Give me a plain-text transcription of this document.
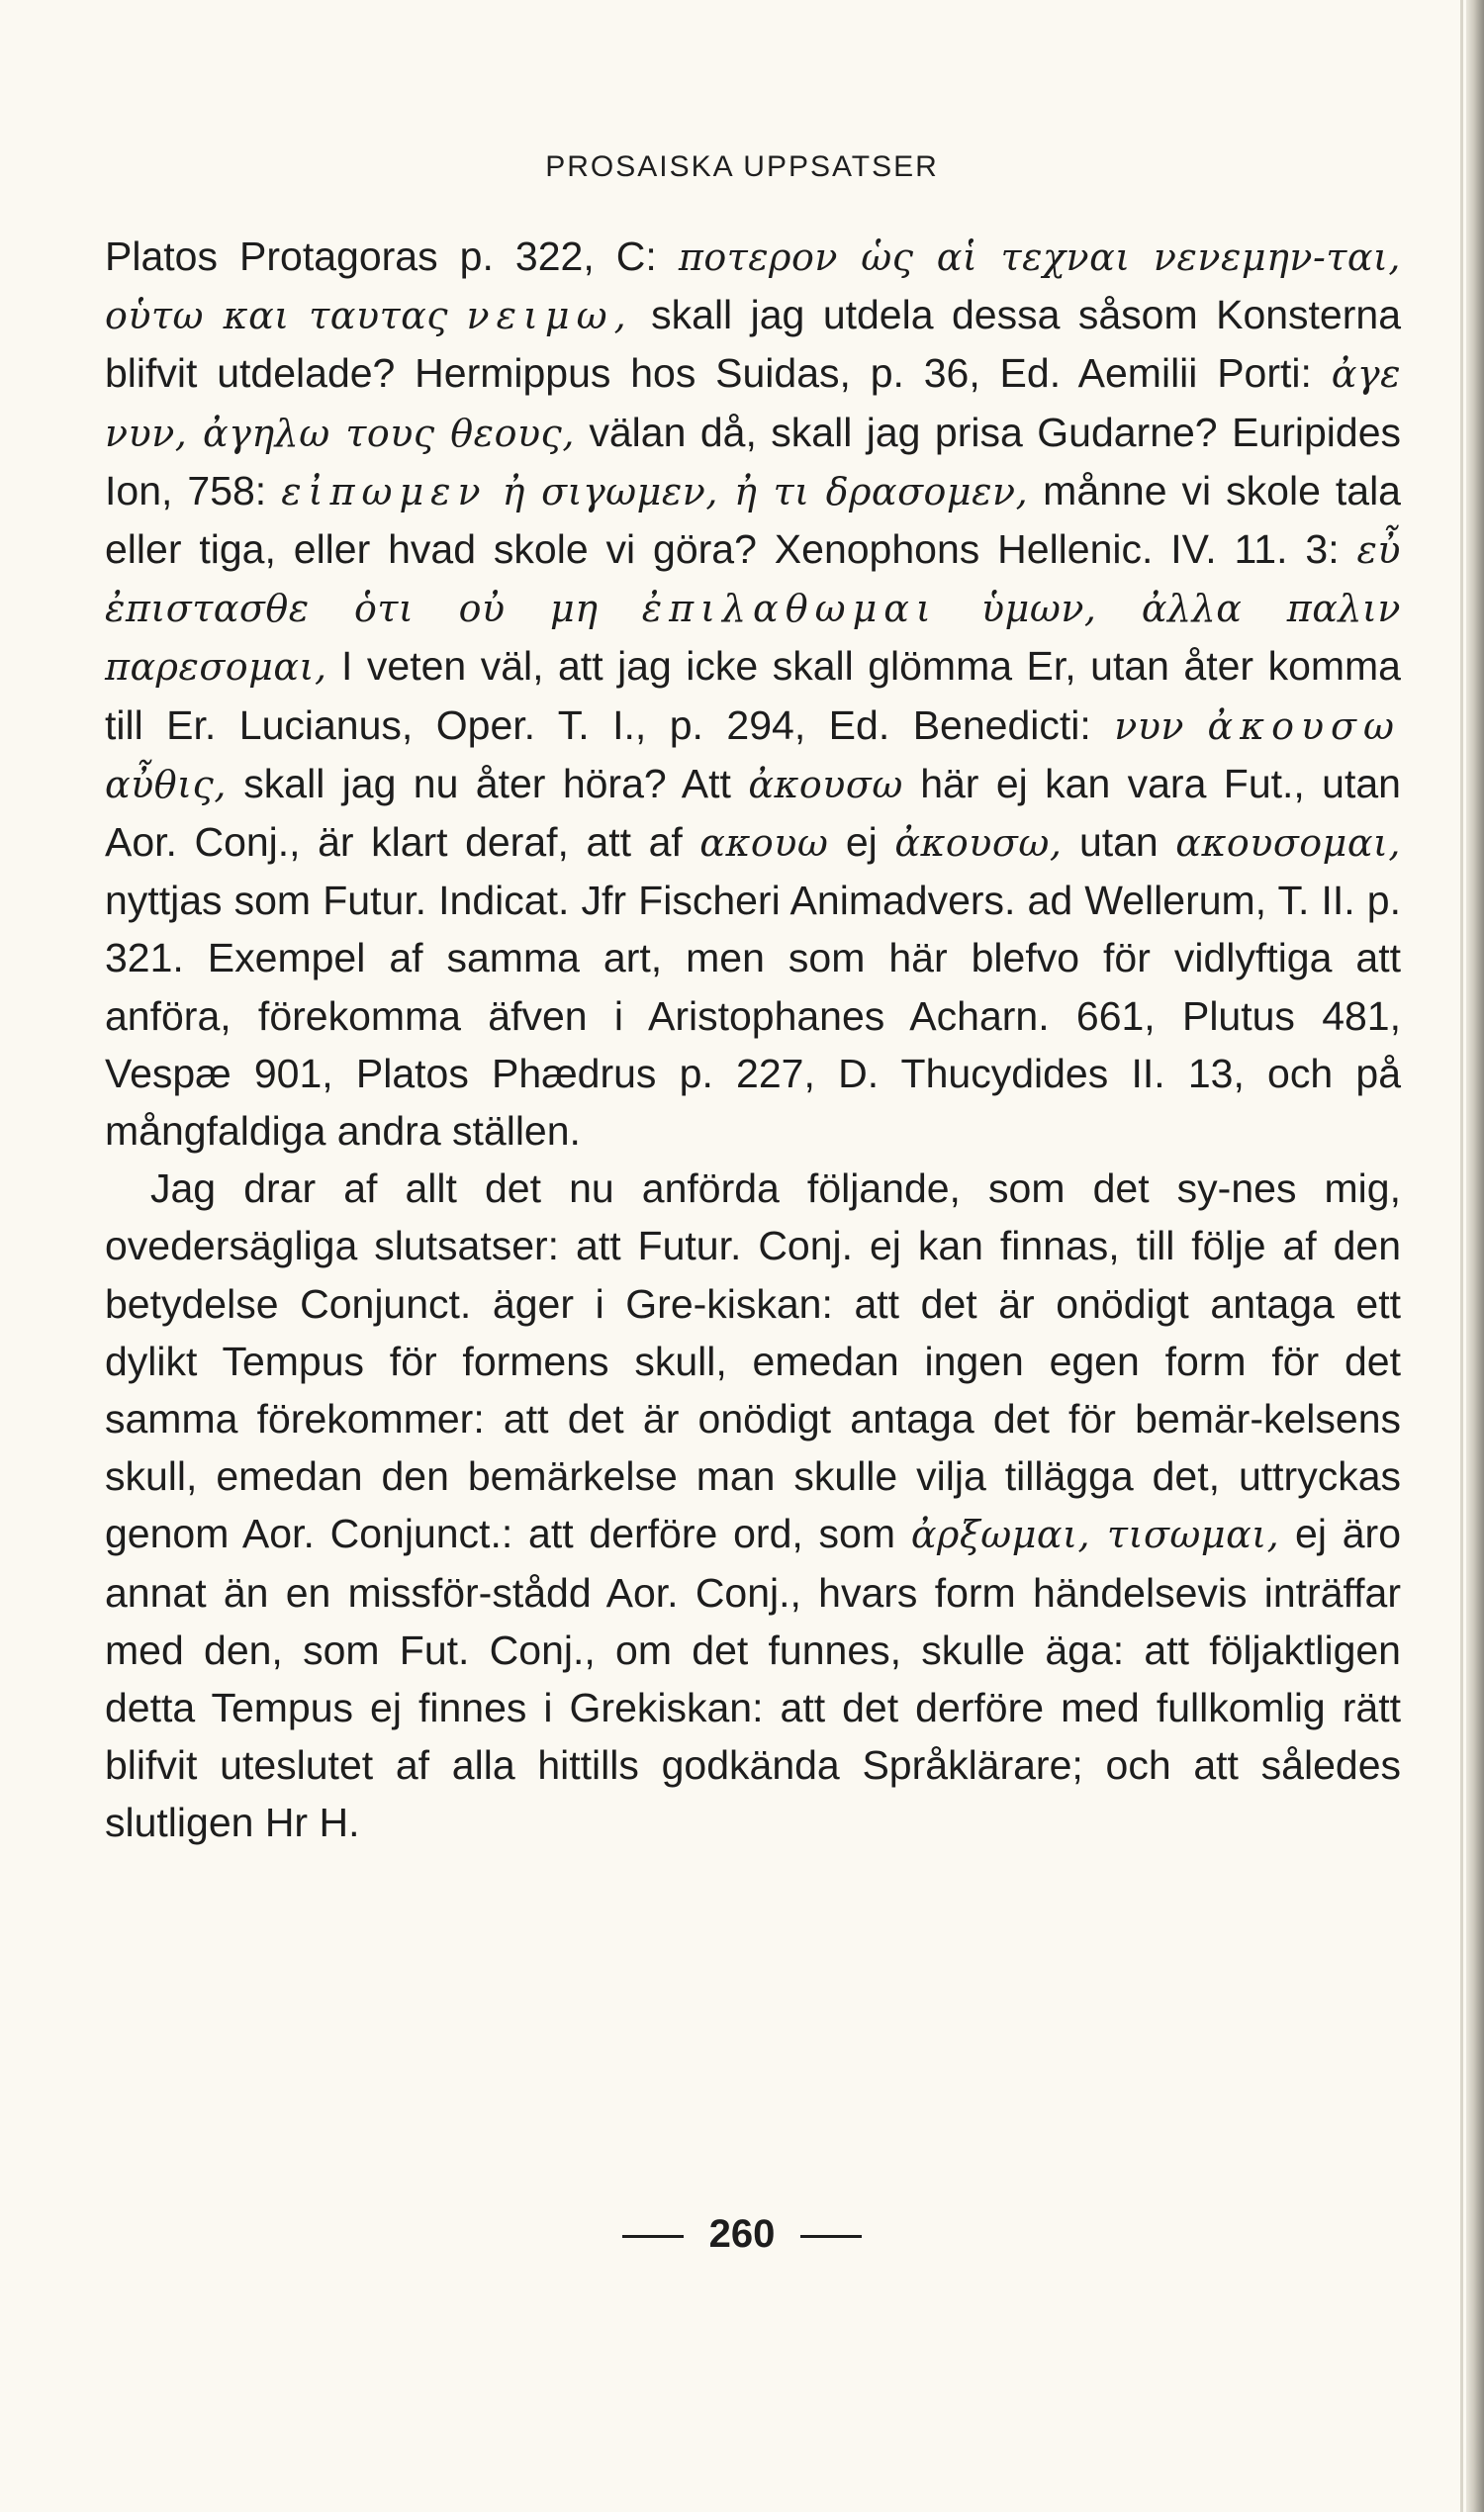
PROSAISKA UPPSATSER

Platos Protagoras p. 322, C: ποτερον ὡς αἱ τεχναι νενεμην-ται, οὑτω και ταυτας νειμω, skall jag utdela dessa såsom Konsterna blifvit utdelade? Hermippus hos Suidas, p. 36, Ed. Aemilii Porti: ἀγε νυν, ἀγηλω τους θεους, välan då, skall jag prisa Gudarne? Euripides Ion, 758: εἰπωμεν ἠ σιγωμεν, ἠ τι δρασομεν, månne vi skole tala eller tiga, eller hvad skole vi göra? Xenophons Hellenic. IV. 11. 3: εὖ ἐπιστασθε ὁτι οὐ μη ἐπιλαθωμαι ὑμων, ἀλλα παλιν παρεσομαι, I veten väl, att jag icke skall glömma Er, utan åter komma till Er. Lucianus, Oper. T. I., p. 294, Ed. Benedicti: νυν ἀκουσω αὖθις, skall jag nu åter höra? Att ἀκουσω här ej kan vara Fut., utan Aor. Conj., är klart deraf, att af ακουω ej ἀκουσω, utan ακουσομαι, nyttjas som Futur. Indicat. Jfr Fischeri Animadvers. ad Wellerum, T. II. p. 321. Exempel af samma art, men som här blefvo för vidlyftiga att anföra, förekomma äfven i Aristophanes Acharn. 661, Plutus 481, Vespæ 901, Platos Phædrus p. 227, D. Thucydides II. 13, och på mångfaldiga andra ställen.

Jag drar af allt det nu anförda följande, som det sy-nes mig, ovedersägliga slutsatser: att Futur. Conj. ej kan finnas, till följe af den betydelse Conjunct. äger i Gre-kiskan: att det är onödigt antaga ett dylikt Tempus för formens skull, emedan ingen egen form för det samma förekommer: att det är onödigt antaga det för bemär-kelsens skull, emedan den bemärkelse man skulle vilja tillägga det, uttryckas genom Aor. Conjunct.: att derföre ord, som ἀρξωμαι, τισωμαι, ej äro annat än en missför-stådd Aor. Conj., hvars form händelsevis inträffar med den, som Fut. Conj., om det funnes, skulle äga: att följaktligen detta Tempus ej finnes i Grekiskan: att det derföre med fullkomlig rätt blifvit uteslutet af alla hittills godkända Språklärare; och att således slutligen Hr H.

260
